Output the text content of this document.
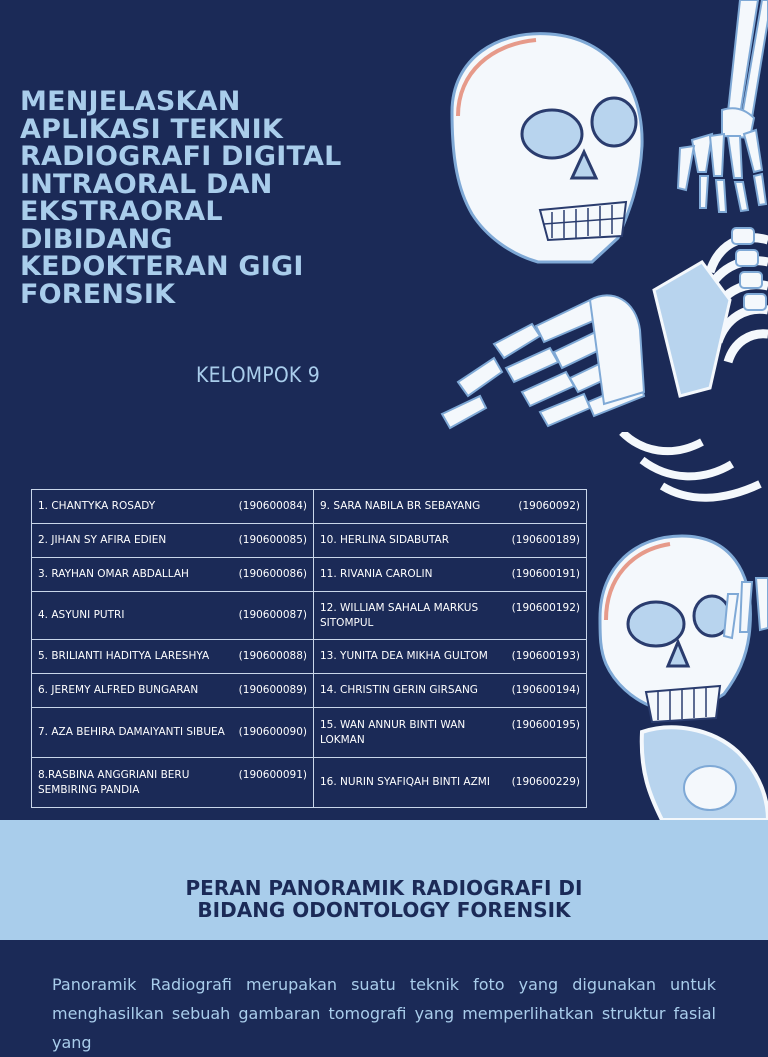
MENJELASKAN
APLIKASI TEKNIK
RADIOGRAFI DIGITAL
INTRAORAL DAN
EKSTRAORAL
DIBIDANG
KEDOKTERAN GIGI
FORENSIK
KELOMPOK 9
1. CHANTYKA ROSADY (190600084)	9. SARA NABILA BR SEBAYANG (19060092)

2. JIHAN SY AFIRA EDIEN (190600085)	10. HERLINA SIDABUTAR (190600189)

3. RAYHAN OMAR ABDALLAH (190600086)	11. RIVANIA CAROLIN (190600191)

4. ASYUNI PUTRI (190600087)	12. WILLIAM SAHALA MARKUS SITOMPUL
(190600192)

5. BRILIANTI HADITYA LARESHYA (190600088)	13. YUNITA DEA MIKHA GULTOM (190600193)

6. JEREMY ALFRED BUNGARAN (190600089)	14. CHRISTIN GERIN GIRSANG (190600194)

7. AZA BEHIRA DAMAIYANTI SIBUEA (190600090)	15. WAN ANNUR BINTI WAN LOKMAN
(190600195)

8.RASBINA ANGGRIANI BERU SEMBIRING PANDIA
(190600091)	16. NURIN SYAFIQAH BINTI AZMI (190600229)
PERAN PANORAMIK RADIOGRAFI DI
BIDANG ODONTOLOGY FORENSIK

Panoramik Radiografi merupakan suatu teknik foto yang digunakan untuk menghasilkan sebuah gambaran tomografi yang memperlihatkan struktur fasial yang
